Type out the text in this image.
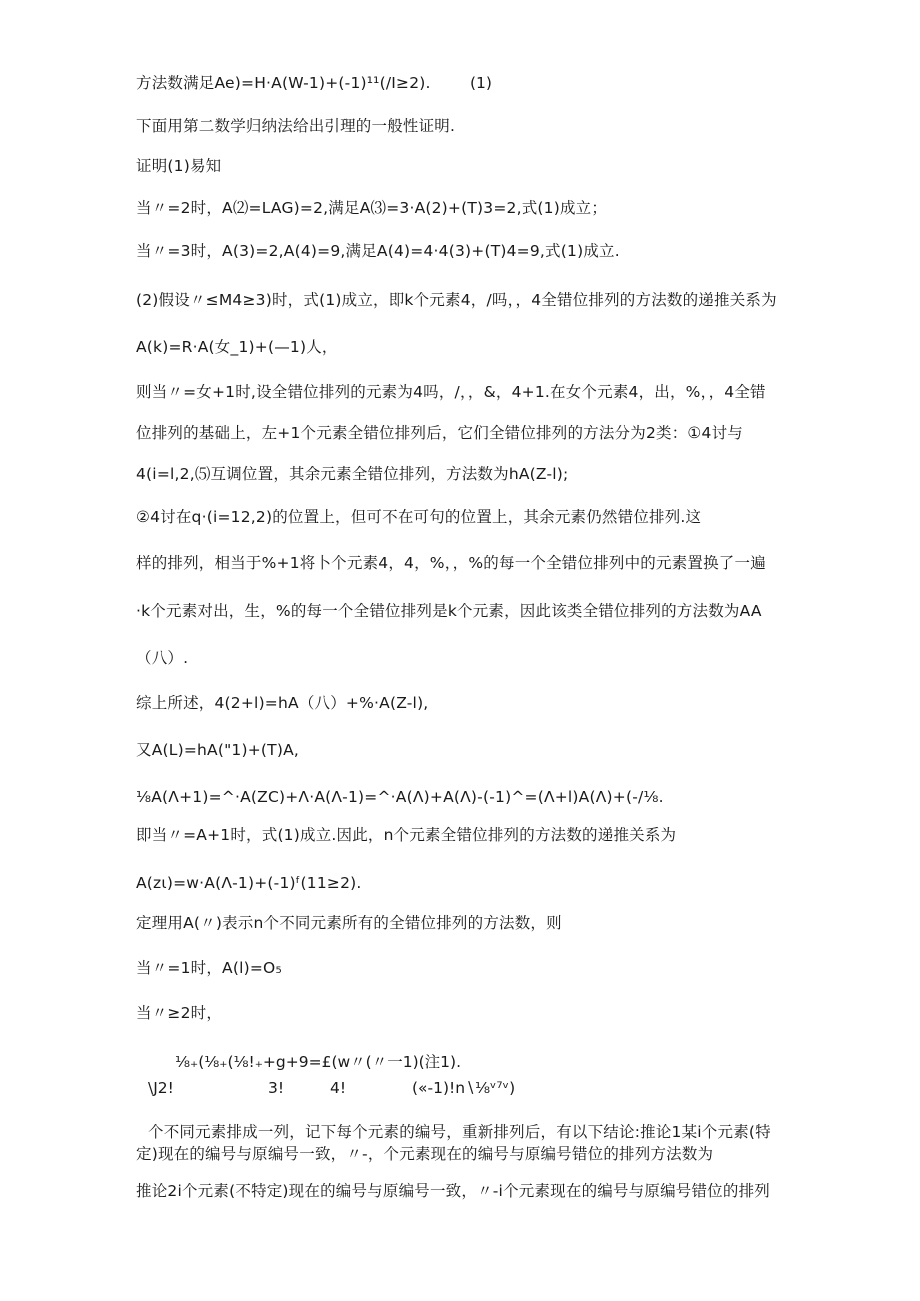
方法数满足Ae)=H·A(W-1)+(-1)¹¹(/I≥2).	(1)
下面用第二数学归纳法给出引理的一般性证明.
证明(1)易知
当〃=2时，A⑵=LAG)=2,满足A⑶=3·A(2)+(T)3=2,式(1)成立；
当〃=3时，A(3)=2,A(4)=9,满足A(4)=4·4(3)+(T)4=9,式(1)成立.
(2)假设〃≤M4≥3)时，式(1)成立，即k个元素4，/吗，，4全错位排列的方法数的递推关系为
A(k)=R·A(女_1)+(—1)人，
则当〃=女+1时,设全错位排列的元素为4吗，/，，&，4+1.在女个元素4，出，%，，4全错
位排列的基础上，左+1个元素全错位排列后，它们全错位排列的方法分为2类：①4讨与
4(i=l,2,⑸互调位置，其余元素全错位排列，方法数为hA(Z-l);
②4讨在q·(i=12,2)的位置上，但可不在可句的位置上，其余元素仍然错位排列.这
样的排列，相当于%+1将卜个元素4，4，%，，%的每一个全错位排列中的元素置换了一遍
·k个元素对出，生，%的每一个全错位排列是k个元素，因此该类全错位排列的方法数为AA
（八）.
综上所述，4(2+l)=hA（八）+%·A(Z-l),
又A(L)=hA("1)+(T)A,
⅛A(Λ+1)=^·A(ZC)+Λ·A(Λ-1)=^·A(Λ)+A(Λ)-(-1)^=(Λ+l)A(Λ)+(-/⅛.
即当〃=A+1时，式(1)成立.因此，n个元素全错位排列的方法数的递推关系为
A(zι)=w·A(Λ-1)+(-1)ᶠ(11≥2).
定理用A(〃)表示n个不同元素所有的全错位排列的方法数，则
当〃=1时，A(l)=O₅
当〃≥2时，
⅛₊(⅛₊(⅛!₊+g+9=£(w〃(〃一1)(注1).
\J2!	3!	4!	(«-1)!n∖⅛ᵛ⁷ᵛ)
个不同元素排成一列，记下每个元素的编号，重新排列后，有以下结论:推论1某i个元素(特定)现在的编号与原编号一致，〃-，个元素现在的编号与原编号错位的排列方法数为
推论2i个元素(不特定)现在的编号与原编号一致，〃-i个元素现在的编号与原编号错位的排列
